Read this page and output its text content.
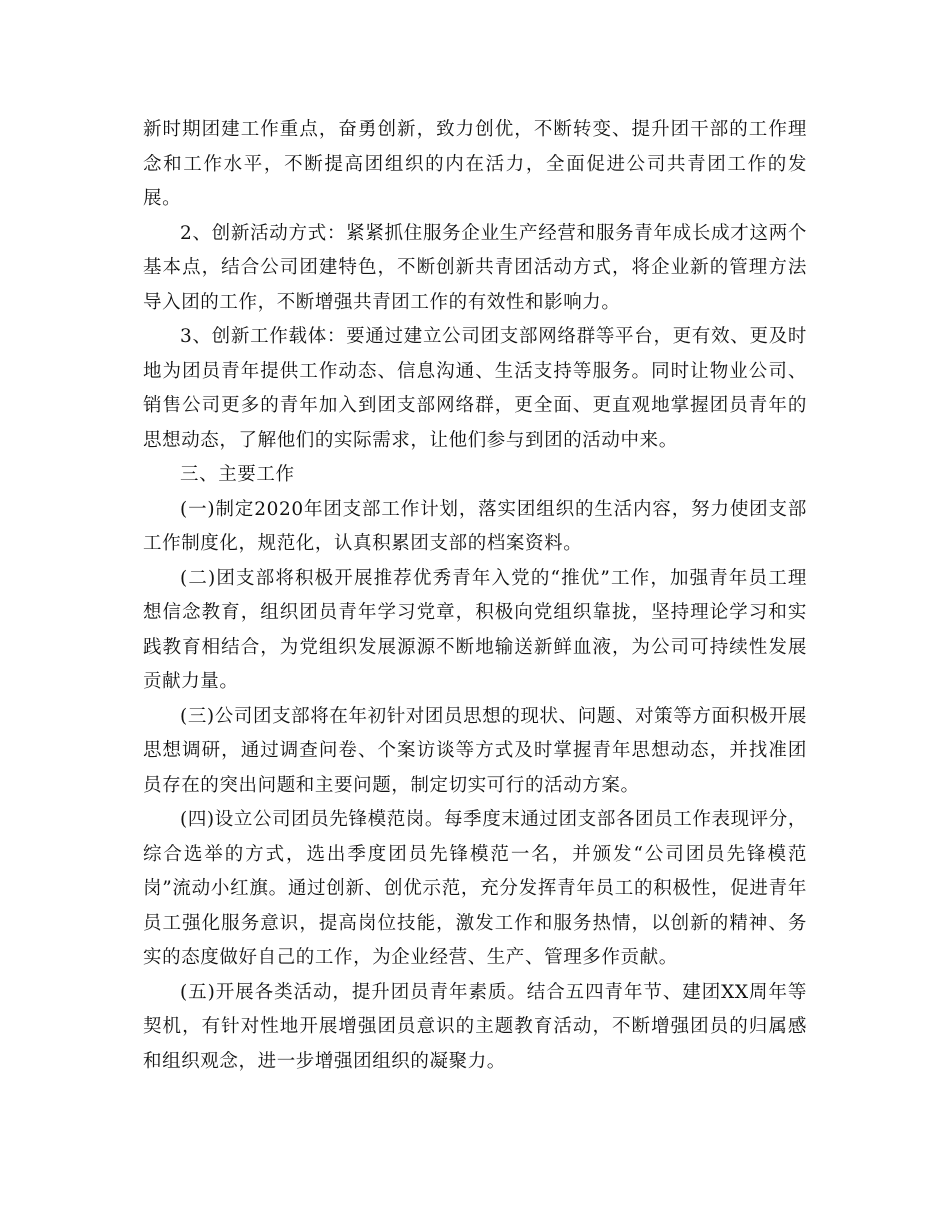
新时期团建工作重点，奋勇创新，致力创优，不断转变、提升团干部的工作理念和工作水平，不断提高团组织的内在活力，全面促进公司共青团工作的发展。

2、创新活动方式：紧紧抓住服务企业生产经营和服务青年成长成才这两个基本点，结合公司团建特色，不断创新共青团活动方式，将企业新的管理方法导入团的工作，不断增强共青团工作的有效性和影响力。

3、创新工作载体：要通过建立公司团支部网络群等平台，更有效、更及时地为团员青年提供工作动态、信息沟通、生活支持等服务。同时让物业公司、销售公司更多的青年加入到团支部网络群，更全面、更直观地掌握团员青年的思想动态，了解他们的实际需求，让他们参与到团的活动中来。

三、主要工作

(一)制定2020年团支部工作计划，落实团组织的生活内容，努力使团支部工作制度化，规范化，认真积累团支部的档案资料。

(二)团支部将积极开展推荐优秀青年入党的“推优”工作，加强青年员工理想信念教育，组织团员青年学习党章，积极向党组织靠拢，坚持理论学习和实践教育相结合，为党组织发展源源不断地输送新鲜血液，为公司可持续性发展贡献力量。

(三)公司团支部将在年初针对团员思想的现状、问题、对策等方面积极开展思想调研，通过调查问卷、个案访谈等方式及时掌握青年思想动态，并找准团员存在的突出问题和主要问题，制定切实可行的活动方案。

(四)设立公司团员先锋模范岗。每季度末通过团支部各团员工作表现评分，综合选举的方式，选出季度团员先锋模范一名，并颁发“公司团员先锋模范岗”流动小红旗。通过创新、创优示范，充分发挥青年员工的积极性，促进青年员工强化服务意识，提高岗位技能，激发工作和服务热情，以创新的精神、务实的态度做好自己的工作，为企业经营、生产、管理多作贡献。

(五)开展各类活动，提升团员青年素质。结合五四青年节、建团XX周年等契机，有针对性地开展增强团员意识的主题教育活动，不断增强团员的归属感和组织观念，进一步增强团组织的凝聚力。
